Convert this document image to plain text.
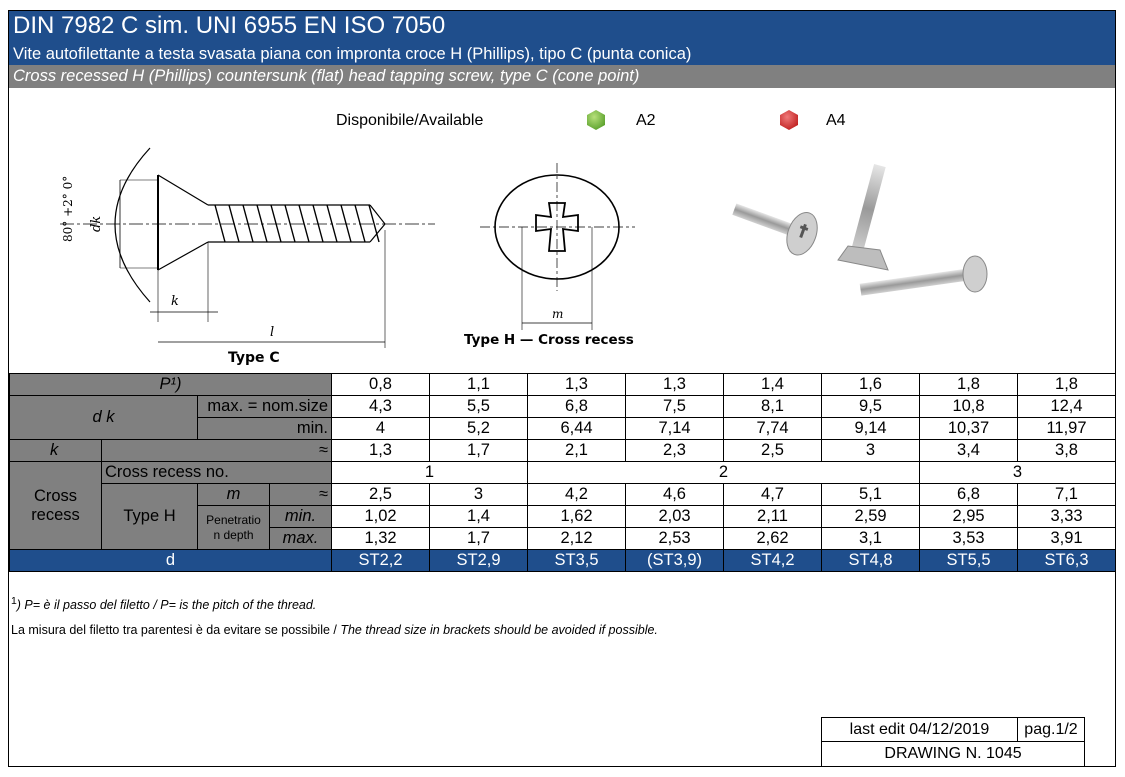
DIN 7982 C sim. UNI 6955 EN ISO 7050
Vite autofilettante a testa svasata piana con impronta croce H (Phillips), tipo C (punta conica)
Cross recessed H (Phillips) countersunk (flat) head tapping screw, type C (cone point)
Disponibile/Available	A2	A4
80° +2° 0° dk
k
l
Type C
m
Type H — Cross recess
P¹)				0,8	1,1	1,3	1,3	1,4	1,6	1,8	1,8
d k		max. = nom.size		4,3	5,5	6,8	7,5	8,1	9,5	10,8	12,4
		min.		4	5,2	6,44	7,14	7,74	9,14	10,37	11,97
k	≈			1,3	1,7	2,1	2,3	2,5	3	3,4	3,8

Cross
recess	Cross recess no.			1		2				3	
	Type H	m	≈	2,5	3	4,2	4,6	4,7	5,1	6,8	7,1

		Penetratio
n depth	min.	1,02	1,4	1,62	2,03	2,11	2,59	2,95	3,33
			max.	1,32	1,7	2,12	2,53	2,62	3,1	3,53	3,91
d				ST2,2	ST2,9	ST3,5	(ST3,9)	ST4,2	ST4,8	ST5,5	ST6,3
$^1$) P= è il passo del filetto / P= is the pitch of the thread.
La misura del filetto tra parentesi è da evitare se possibile / The thread size in brackets should be avoided if possible.
last edit 04/12/2019	pag.1/2
DRAWING N. 1045
